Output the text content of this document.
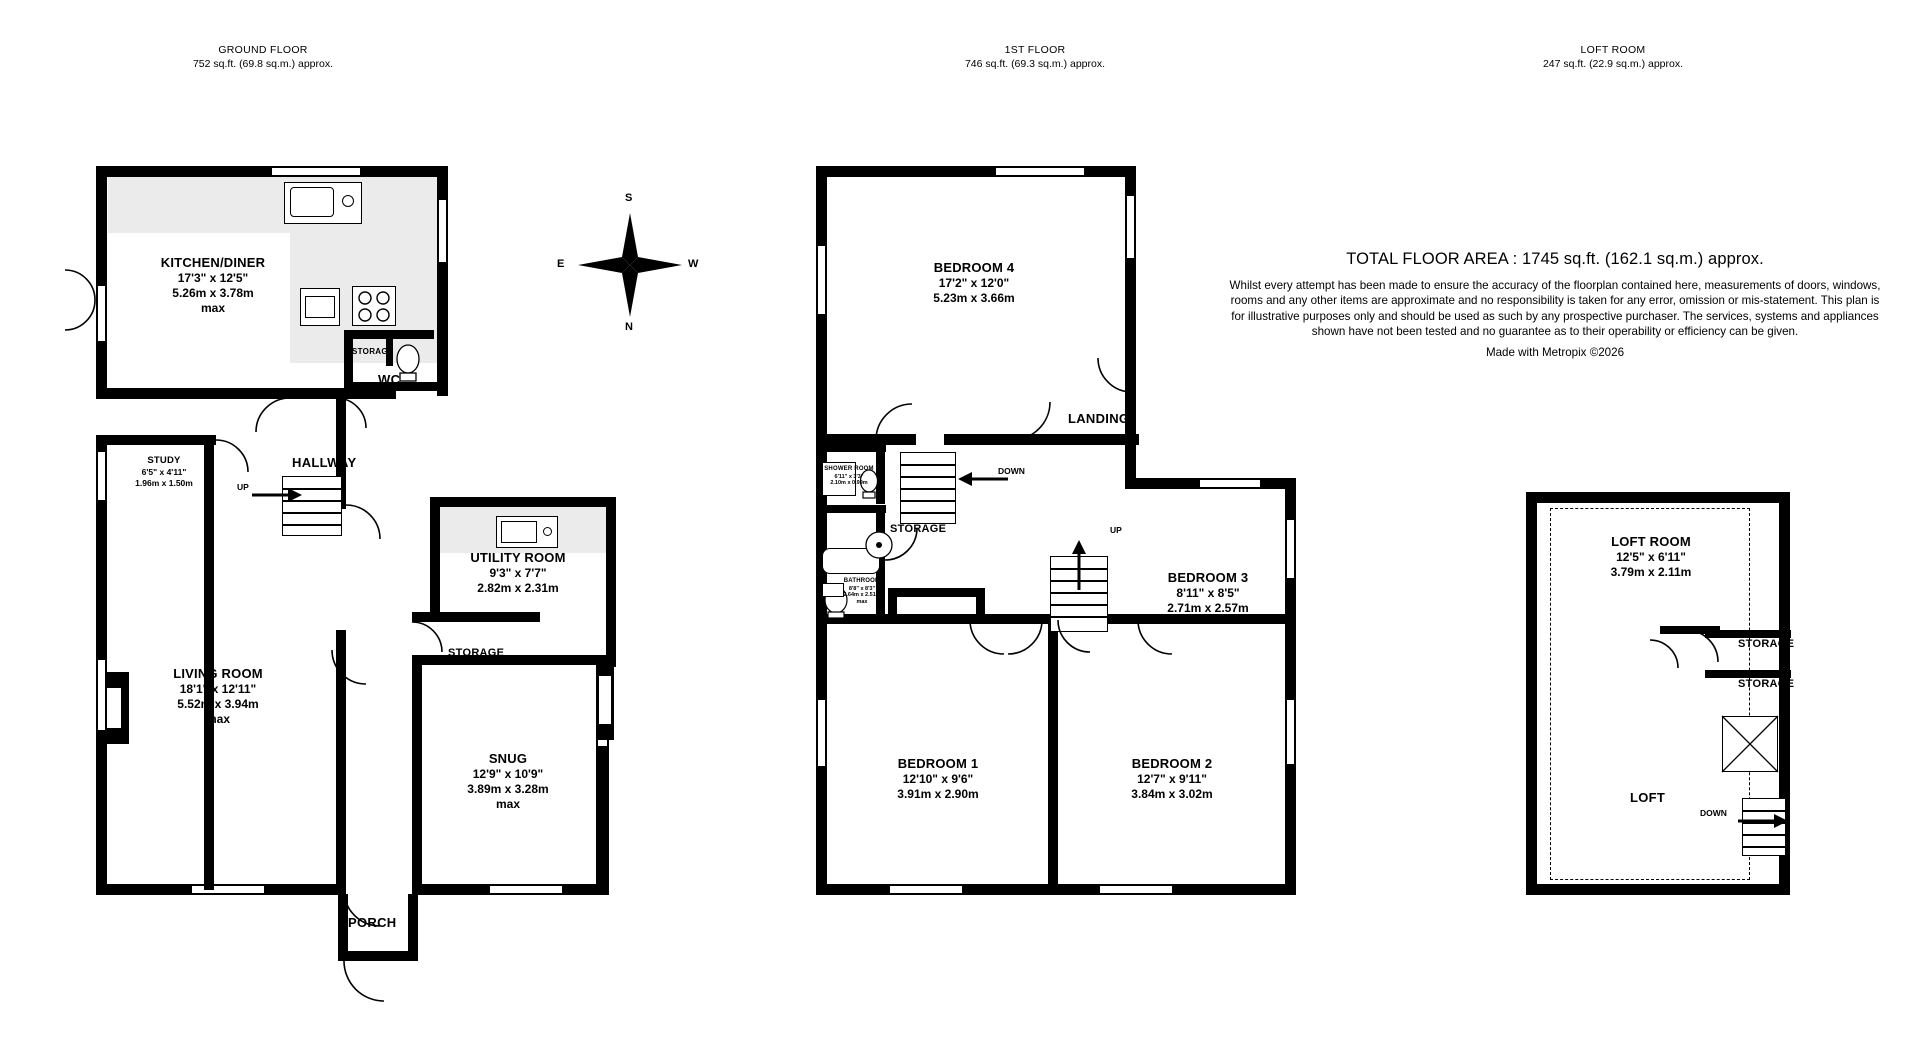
GROUND FLOOR
752 sq.ft. (69.8 sq.m.) approx.
1ST FLOOR
746 sq.ft. (69.3 sq.m.) approx.
LOFT ROOM
247 sq.ft. (22.9 sq.m.) approx.
TOTAL FLOOR AREA : 1745 sq.ft. (162.1 sq.m.) approx.
Whilst every attempt has been made to ensure the accuracy of the floorplan contained here, measurements of doors, windows, rooms and any other items are approximate and no responsibility is taken for any error, omission or mis-statement. This plan is for illustrative purposes only and should be used as such by any prospective purchaser. The services, systems and appliances shown have not been tested and no guarantee as to their operability or efficiency can be given.
Made with Metropix ©2026
S
N
E	W
UP
KITCHEN/DINER
17'3" x 12'5"
5.26m x 3.78m
max
STUDY
6'5" x 4'11"
1.96m x 1.50m
UTILITY ROOM
9'3" x 7'7"
2.82m x 2.31m
LIVING ROOM
18'1" x 12'11"
5.52m x 3.94m
max
SNUG
12'9" x 10'9"
3.89m x 3.28m
max
HALLWAY
WC
STORAGE
STORAGE
PORCH
UP
DOWN
BEDROOM 4
17'2" x 12'0"
5.23m x 3.66m
BEDROOM 3
8'11" x 8'5"
2.71m x 2.57m
BEDROOM 1
12'10" x 9'6"
3.91m x 2.90m
BEDROOM 2
12'7" x 9'11"
3.84m x 3.02m
SHOWER ROOM
6'11" x 3'3"
2.10m x 0.99m
BATHROOM
8'8" x 8'3"
2.64m x 2.51m
max
LANDING
STORAGE
DOWN
LOFT ROOM
12'5" x 6'11"
3.79m x 2.11m
STORAGE
STORAGE
LOFT
